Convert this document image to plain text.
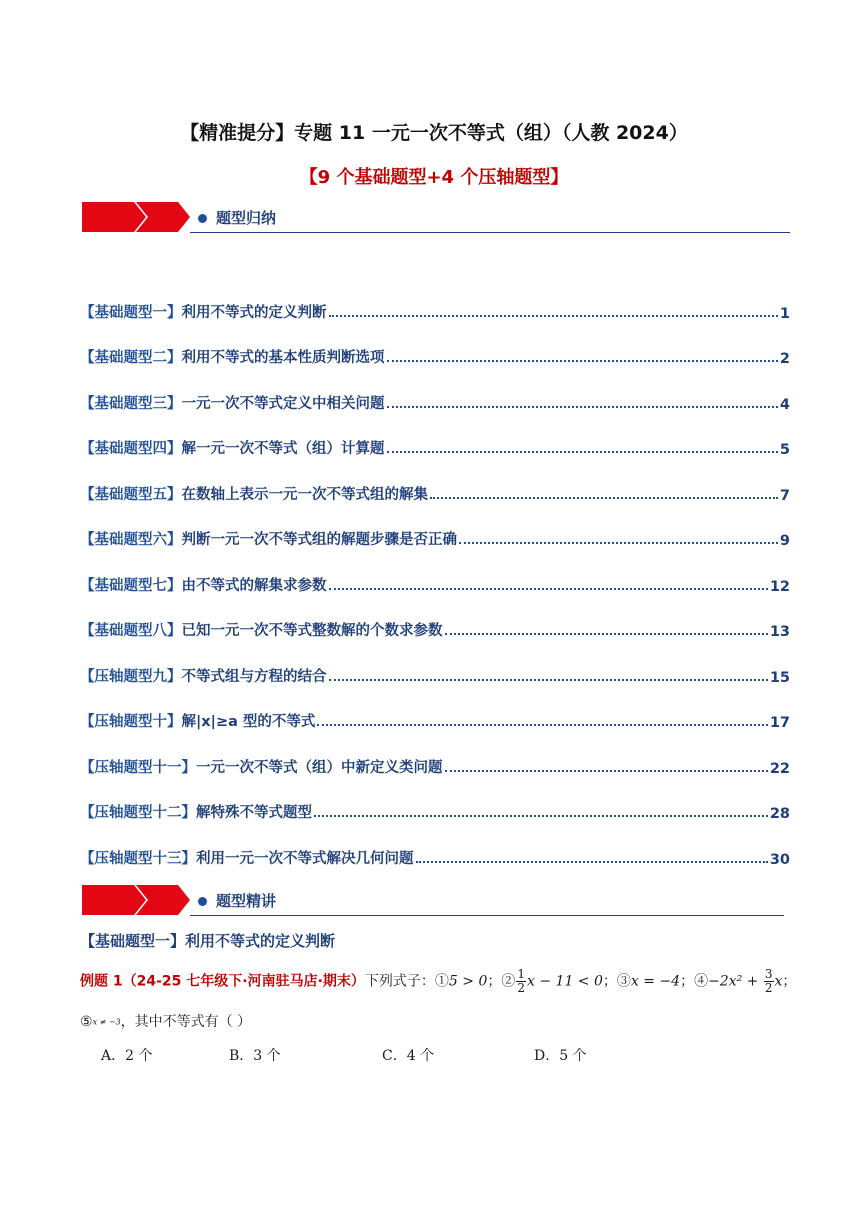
【精准提分】专题 11 一元一次不等式（组）（人教 2024）
【9 个基础题型+4 个压轴题型】
题型归纳
【基础题型一】 利用不等式的定义判断	1
【基础题型二】 利用不等式的基本性质判断选项	2
【基础题型三】 一元一次不等式定义中相关问题	4
【基础题型四】 解一元一次不等式（组）计算题	5
【基础题型五】 在数轴上表示一元一次不等式组的解集	7
【基础题型六】 判断一元一次不等式组的解题步骤是否正确	9
【基础题型七】 由不等式的解集求参数	12
【基础题型八】 已知一元一次不等式整数解的个数求参数	13
【压轴题型九】 不等式组与方程的结合	15
【压轴题型十】 解|x|≥a 型的不等式	17
【压轴题型十一】 一元一次不等式（组）中新定义类问题	22
【压轴题型十二】 解特殊不等式题型	28
【压轴题型十三】 利用一元一次不等式解决几何问题	30
题型精讲
【基础题型一】利用不等式的定义判断
例题 1（24-25 七年级下·河南驻马店·期末）下列式子：①5 > 0；② $\frac{1}{2}$ x − 11 < 0；③x = −4；④−2x² + $\frac{3}{2}$ x；
⑤x ≠ −3，其中不等式有（ ）
A．2 个	B．3 个	C．4 个	D．5 个
